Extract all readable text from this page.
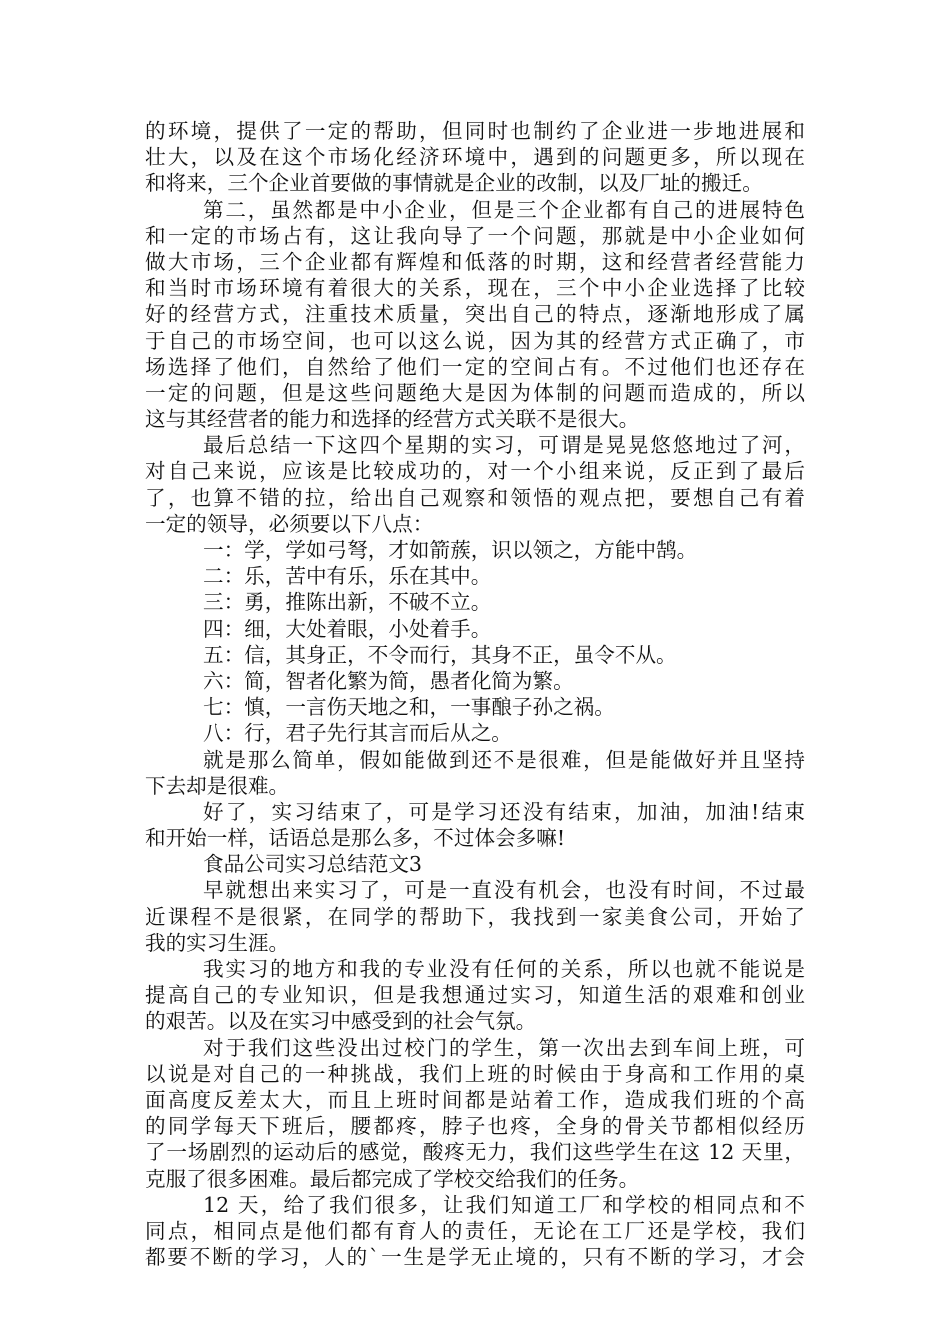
的环境，提供了一定的帮助，但同时也制约了企业进一步地进展和
壮大，以及在这个市场化经济环境中，遇到的问题更多，所以现在
和将来，三个企业首要做的事情就是企业的改制，以及厂址的搬迁。
第二，虽然都是中小企业，但是三个企业都有自己的进展特色
和一定的市场占有，这让我向导了一个问题，那就是中小企业如何
做大市场，三个企业都有辉煌和低落的时期，这和经营者经营能力
和当时市场环境有着很大的关系，现在，三个中小企业选择了比较
好的经营方式，注重技术质量，突出自己的特点，逐渐地形成了属
于自己的市场空间，也可以这么说，因为其的经营方式正确了，市
场选择了他们，自然给了他们一定的空间占有。不过他们也还存在
一定的问题，但是这些问题绝大是因为体制的问题而造成的，所以
这与其经营者的能力和选择的经营方式关联不是很大。
最后总结一下这四个星期的实习，可谓是晃晃悠悠地过了河，
对自己来说，应该是比较成功的，对一个小组来说，反正到了最后
了，也算不错的拉，给出自己观察和领悟的观点把，要想自己有着
一定的领导，必须要以下八点：
一：学，学如弓弩，才如箭蔟，识以领之，方能中鹄。
二：乐，苦中有乐，乐在其中。
三：勇，推陈出新，不破不立。
四：细，大处着眼，小处着手。
五：信，其身正，不令而行，其身不正，虽令不从。
六：简，智者化繁为简，愚者化简为繁。
七：慎，一言伤天地之和，一事酿子孙之祸。
八：行，君子先行其言而后从之。
就是那么简单，假如能做到还不是很难，但是能做好并且坚持
下去却是很难。
好了，实习结束了，可是学习还没有结束，加油，加油!结束
和开始一样，话语总是那么多，不过体会多嘛!
食品公司实习总结范文3
早就想出来实习了，可是一直没有机会，也没有时间，不过最
近课程不是很紧，在同学的帮助下，我找到一家美食公司，开始了
我的实习生涯。
我实习的地方和我的专业没有任何的关系，所以也就不能说是
提高自己的专业知识，但是我想通过实习，知道生活的艰难和创业
的艰苦。以及在实习中感受到的社会气氛。
对于我们这些没出过校门的学生，第一次出去到车间上班，可
以说是对自己的一种挑战，我们上班的时候由于身高和工作用的桌
面高度反差太大，而且上班时间都是站着工作，造成我们班的个高
的同学每天下班后，腰都疼，脖子也疼，全身的骨关节都相似经历
了一场剧烈的运动后的感觉，酸疼无力，我们这些学生在这 12 天里，
克服了很多困难。最后都完成了学校交给我们的任务。
12 天，给了我们很多，让我们知道工厂和学校的相同点和不
同点，相同点是他们都有育人的责任，无论在工厂还是学校，我们
都要不断的学习，人的`一生是学无止境的，只有不断的学习，才会
